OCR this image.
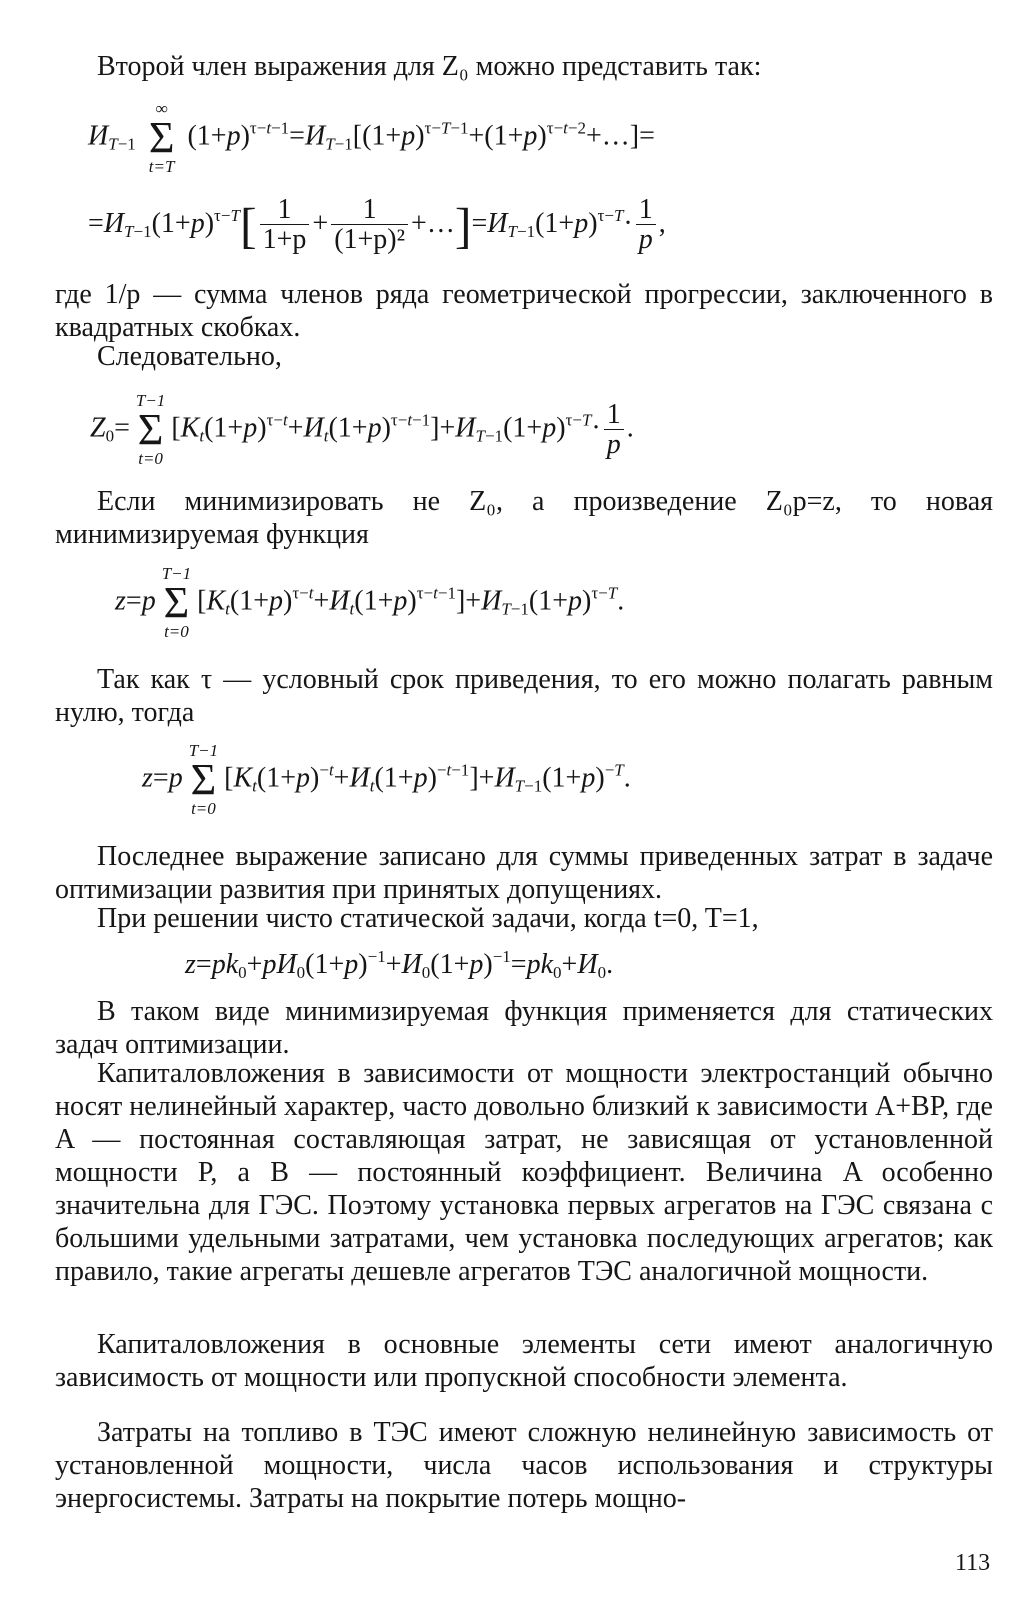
Второй член выражения для Z₀ можно представить так:

$И_{T-1}$
∞
Σ
t=T
$(1+p)^{\tau-t-1}=И_{T-1}[(1+p)^{\tau-T-1}+(1+p)^{\tau-t-2}+\dots]=$
$=И_{T-1}(1+p)^{\tau-T}[ \frac{1}{1+p} + \frac{1}{\text{(1+p)²}}$ $+\dots]=И_{T-1}(1+p)^{\tau-T}\cdot \frac{1}{p}$ ,

где 1/p — сумма членов ряда геометрической прогрессии, заключенного в квадратных скобках.

Следовательно,

$Z_0=$
T−1
Σ
t=0
$[K_t(1+p)^{\tau-t}+И_t(1+p)^{\tau-t-1}]+И_{T-1}(1+p)^{\tau-T}\cdot \frac{1}{p}$ .

Если минимизировать не Z₀, а произведение Z₀p=z, то новая минимизируемая функция

z=p
T−1
Σ
t=0
$[K_t(1+p)^{\tau-t}+И_t(1+p)^{\tau-t-1}]+И_{T-1}(1+p)^{\tau-T}$.

Так как τ — условный срок приведения, то его можно полагать равным нулю, тогда

z=p
T−1
Σ
t=0
$[K_t(1+p)^{-t}+И_t(1+p)^{-t-1}]+И_{T-1}(1+p)^{-T}$.

Последнее выражение записано для суммы приведенных затрат в задаче оптимизации развития при принятых допущениях.

При решении чисто статической задачи, когда t=0, T=1,

$z=pk_0+pИ_0(1+p)^{-1}+И_0(1+p)^{-1}=pk_0+И_0$.

В таком виде минимизируемая функция применяется для статических задач оптимизации.

Капиталовложения в зависимости от мощности электростанций обычно носят нелинейный характер, часто довольно близкий к зависимости A+BP, где A — постоянная составляющая затрат, не зависящая от установленной мощности P, а B — постоянный коэффициент. Величина A особенно значительна для ГЭС. Поэтому установка первых агрегатов на ГЭС связана с большими удельными затратами, чем установка последующих агрегатов; как правило, такие агрегаты дешевле агрегатов ТЭС аналогичной мощности.

Капиталовложения в основные элементы сети имеют аналогичную зависимость от мощности или пропускной способности элемента.

Затраты на топливо в ТЭС имеют сложную нелинейную зависимость от установленной мощности, числа часов использования и структуры энергосистемы. Затраты на покрытие потерь мощно-

113
